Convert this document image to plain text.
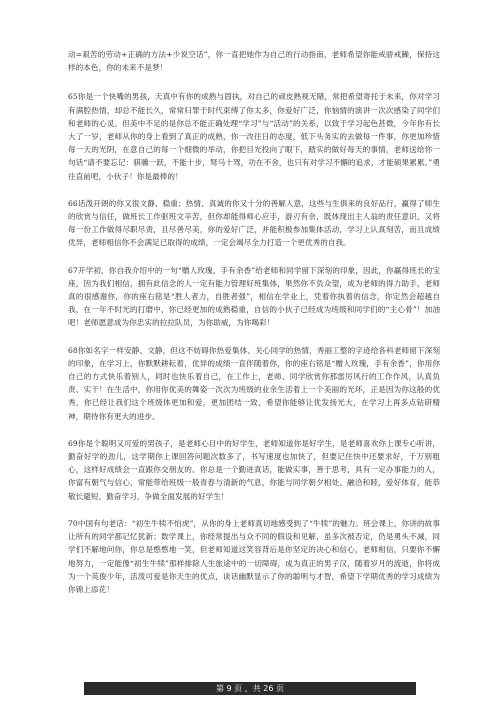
动=艰苦的劳动+正确的方法+少说空话”，你一直把她作为自己的行动指南，老师希望你能戒骄戒躁，保持这样的本色，你的未来不是梦！

65你是一个快嘴的男孩，天真中有你的成熟与固执，对自己的顽皮熟视无睹，常把希望寄托于未来，你对学习有满腔热情，却总不能长久，常常归罪于时代束缚了你太多，你爱好广泛，你恼情的演讲一次次感染了同学们和老师的心灵。但美中不足的是你总不能正确处理“学习”与“活动”的关系，以致于学习起色甚微，今年你有长大了一岁，老师从你的身上看到了真正的成熟，你一改往日的态度，低下头务实的去做每一件事，你更加珍惜每一天的光阴，在意自己的每一个细微的举动，你把目光投向了眼下，踏实的做好每天的事情，老师送给你一句话“请不要忘记：骐骥一跃，不能十步，驽马十驾，功在不舍，也只有对学习不懈的追求，才能硕果累累。”勇往直前吧，小伙子！你是最棒的！

66话泼开朗的你又很文静、稳重；热情、真诚的你又十分的善解人意，这些与生俱来的良好品行，赢得了师生的欣赏与信任，做班长工作驱班文辛苦，但你却能得师心应手，游刃有余，既体现出主人翁的责任意识，又将每一份工作做得尽职尽责，且尽善尽美，你的爱好广泛，并能积极参加集体活动，学习上认真刻苦，而且成绩优异，老师相信你不会满足已取得的成绩，一定会竭尽全力打造一个更优秀的自我。

67开学初，你自我介绍中的一句“赠人玫瑰，手有余香”给老师和同学留下深刻的印象，因此，你赢得班长的宝座，因为我们相信，拥有此信念的人一定有能力管理好班集体，果然你不负众望，成为老师的得力助手，老师真的很感谢你，你的座右铭是“胜人者力，自胜者强”，相信在学业上，凭着你执着的信念，你定然会超越自我，在一年不时光的打磨中，你已经更加的成熟稳重，自信的小伙子已经成为班级和同学们的“主心骨”！加油吧！老师愿意成为你忠实的拉拉队员，为你助威，为你喝彩！

68你如名字一样安静、文静，但这不妨碍你热爱集体、关心同学的热情，秀丽工整的字迹给各科老师留下深刻的印象，在学习上，你默默耕耘着，优异的成绩一直伴随着你，你的座右铭是“赠人玫瑰，手有余香”，你用你自己的方式快乐着别人，同时也快乐着自己，在工作上，老师、同学欣赏你那雷厉风行的工作作风，认真负责、实干！在生活中，你用你优美的舞姿一次次为班级的业余生活着上一个美丽的光环，正是因为你这般的优秀，你已经让我们这个班级体更加和爱，更加团结一致，希望你能够让优发扬光大，在学习上再多点钻研精神，期待你有更大的进步。

69你是个聪明又可爱的男孩子，是老师心目中的好学生，老师知道你是好学生，是老师喜欢你上课专心听讲，勤奋好学的劲儿，这学期你上课回答问题次数多了，书写速度也加快了，但要记住快中还要求好，千万别粗心，这样好成绩会一直跟你交朋友的。你总是一个勤进真话，能做实事，善于思考，具有一定办事能力的人，你富有朝气与信心，常能带给班级一般青春与清新的气息，你能与同学朝夕相处、融洽和睦，爱好体育，能恭敬长避短，勤奋学习，争做全面发展的好学生！

70中国有句老话：“初生牛犊不怕虎”，从你的身上老师真切地感受到了“牛犊”的魅力。班会课上，你讲的故事让所有的同学都记忆犹新；数学课上，你经常提出与众不同的假设和见解，虽多次被否定，仍是勇头不减，同学们不解地问你，你总是憨憨地一笑，但老师知道这笑容背后是你坚定的决心和信心，老师相信，只要你不懈地努力，一定能像“初生牛犊”那样排除人生旅途中的一切障碍，成为真正的男子汉，随着岁月的流逝，你将成为一个英俊少年，活泼可爱是你天生的优点，谈话幽默显示了你的聪明与才智，希望下学期优秀的学习成绩为你锦上添花！

第 9 页 ，共 26 页
